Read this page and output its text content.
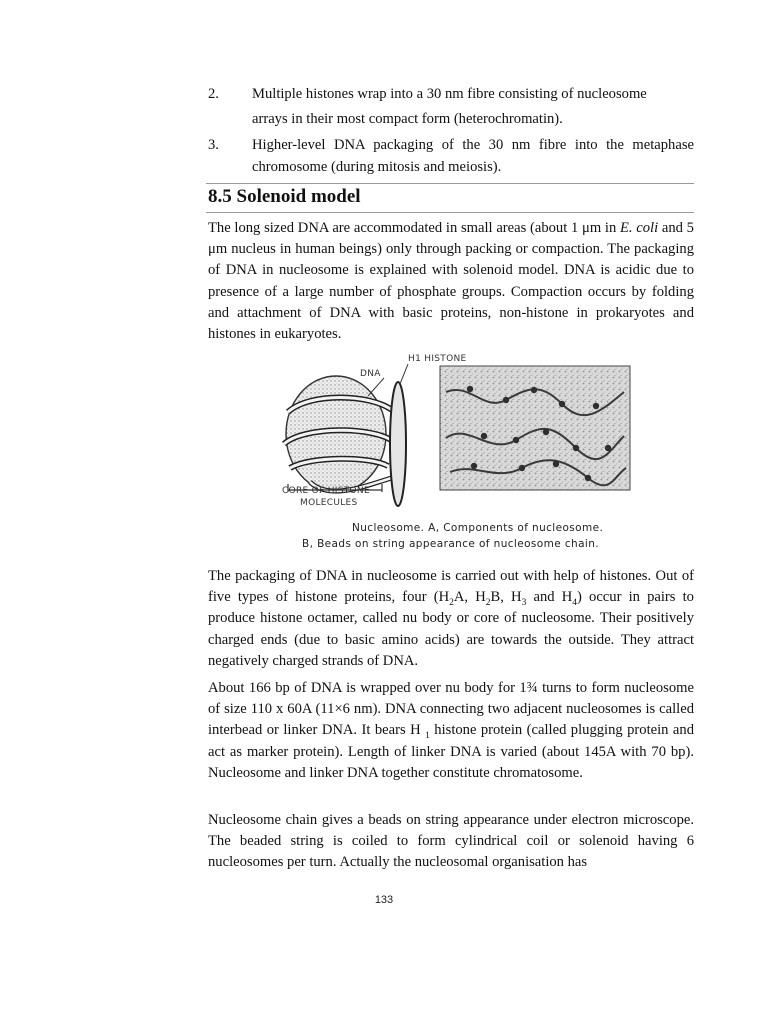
2. Multiple histones wrap into a 30 nm fibre consisting of nucleosome
arrays in their most compact form (heterochromatin).
3. Higher-level DNA packaging of the 30 nm fibre into the metaphase
chromosome (during mitosis and meiosis).
8.5 Solenoid model

The long sized DNA are accommodated in small areas (about 1 μm in E. coli and 5 μm nucleus in human beings) only through packing or compaction. The packaging of DNA in nucleosome is explained with solenoid model. DNA is acidic due to presence of a large number of phosphate groups. Compaction occurs by folding and attachment of DNA with basic proteins, non-histone in prokaryotes and histones in eukaryotes.

H1 HISTONE
DNA
CORE OF HISTONE
MOLECULES
Nucleosome. A, Components of nucleosome.
B, Beads on string appearance of nucleosome chain.

The packaging of DNA in nucleosome is carried out with help of histones. Out of five types of histone proteins, four ($H_2A$, $H_2B$, $H_3$ and $H_4$) occur in pairs to produce histone octamer, called nu body or core of nucleosome. Their positively charged ends (due to basic amino acids) are towards the outside. They attract negatively charged strands of DNA.

About 166 bp of DNA is wrapped over nu body for 1¾ turns to form nucleosome of size 110 x 60A (11×6 nm). DNA connecting two adjacent nucleosomes is called interbead or linker DNA. It bears H $_1$ histone protein (called plugging protein and act as marker protein). Length of linker DNA is varied (about 145A with 70 bp). Nucleosome and linker DNA together constitute chromatosome.

Nucleosome chain gives a beads on string appearance under electron microscope. The beaded string is coiled to form cylindrical coil or solenoid having 6 nucleosomes per turn. Actually the nucleosomal organisation has

133
